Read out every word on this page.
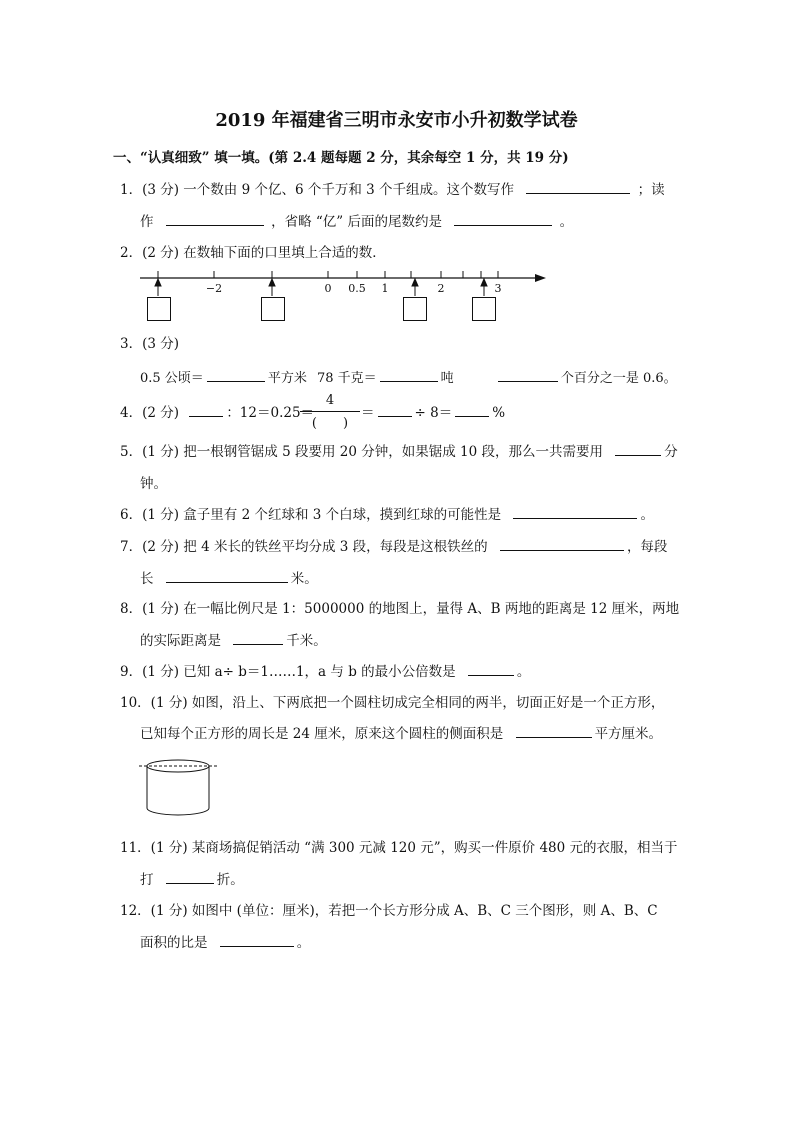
2019 年福建省三明市永安市小升初数学试卷
一、“认真细致” 填一填。(第 2.4 题每题 2 分，其余每空 1 分，共 19 分)
1．(3 分) 一个数由 9 个亿、6 个千万和 3 个千组成。这个数写作	；读
作	，省略 “亿” 后面的尾数约是	。
2．(2 分) 在数轴下面的口里填上合适的数．
−2	0 0.5 1	2	3
3．(3 分)
0.5 公顷＝	平方米 78 千克＝	吨	个百分之一是 0.6。
4．(2 分)	：12＝0.25＝
4
(　　)
＝	÷ 8＝	%
5．(1 分) 把一根钢管锯成 5 段要用 20 分钟，如果锯成 10 段，那么一共需要用	分
钟。
6．(1 分) 盒子里有 2 个红球和 3 个白球，摸到红球的可能性是	。
7．(2 分) 把 4 米长的铁丝平均分成 3 段，每段是这根铁丝的	，每段
长	米。
8．(1 分) 在一幅比例尺是 1：5000000 的地图上，量得 A、B 两地的距离是 12 厘米，两地
的实际距离是	千米。
9．(1 分) 已知 a÷ b＝1……1，a 与 b 的最小公倍数是	。
10．(1 分) 如图，沿上、下两底把一个圆柱切成完全相同的两半，切面正好是一个正方形，
已知每个正方形的周长是 24 厘米，原来这个圆柱的侧面积是	平方厘米。
11．(1 分) 某商场搞促销活动 “满 300 元减 120 元”，购买一件原价 480 元的衣服，相当于
打	折。
12．(1 分) 如图中 (单位：厘米)，若把一个长方形分成 A、B、C 三个图形，则 A、B、C
面积的比是	。
